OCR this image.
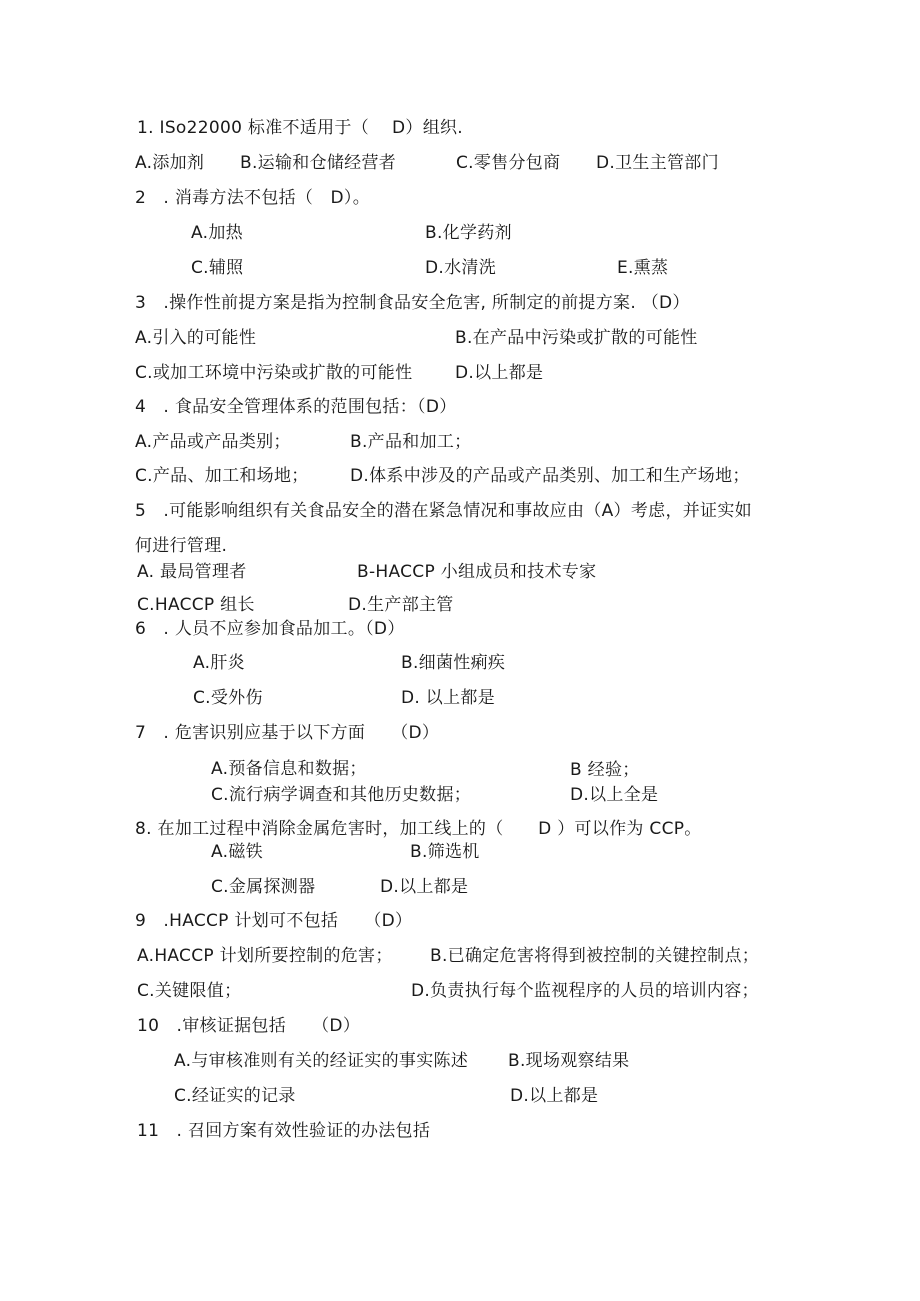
1. ISo22000 标准不适用于（　 D）组织.
A.添加剂 B.运输和仓储经营者	C.零售分包商 D.卫生主管部门
2　. 消毒方法不包括（　D）。
A.加热	B.化学药剂
C.辅照	D.水清洗	E.熏蒸
3　.操作性前提方案是指为控制食品安全危害, 所制定的前提方案. （D）
A.引入的可能性	B.在产品中污染或扩散的可能性
C.或加工环境中污染或扩散的可能性	D.以上都是
4　. 食品安全管理体系的范围包括：（D）
A.产品或产品类别；	B.产品和加工；
C.产品、加工和场地； D.体系中涉及的产品或产品类别、加工和生产场地；
5　.可能影响组织有关食品安全的潜在紧急情况和事故应由（A）考虑，并证实如
何进行管理.
A. 最局管理者	B-HACCP 小组成员和技术专家
C.HACCP 组长	D.生产部主管
6　. 人员不应参加食品加工。（D）
A.肝炎	B.细菌性痢疾
C.受外伤	D. 以上都是
7　. 危害识别应基于以下方面　　（D）
A.预备信息和数据；	B 经验；
C.流行病学调查和其他历史数据；	D.以上全是
8. 在加工过程中消除金属危害时，加工线上的（　　D ）可以作为 CCP。
A.磁铁	B.筛选机
C.金属探测器	D.以上都是
9　.HACCP 计划可不包括　　（D）
A.HACCP 计划所要控制的危害； B.已确定危害将得到被控制的关键控制点；
C.关键限值；	D.负责执行每个监视程序的人员的培训内容；
10　.审核证据包括　　（D）
A.与审核准则有关的经证实的事实陈述 B.现场观察结果
C.经证实的记录	D.以上都是
11　. 召回方案有效性验证的办法包括
